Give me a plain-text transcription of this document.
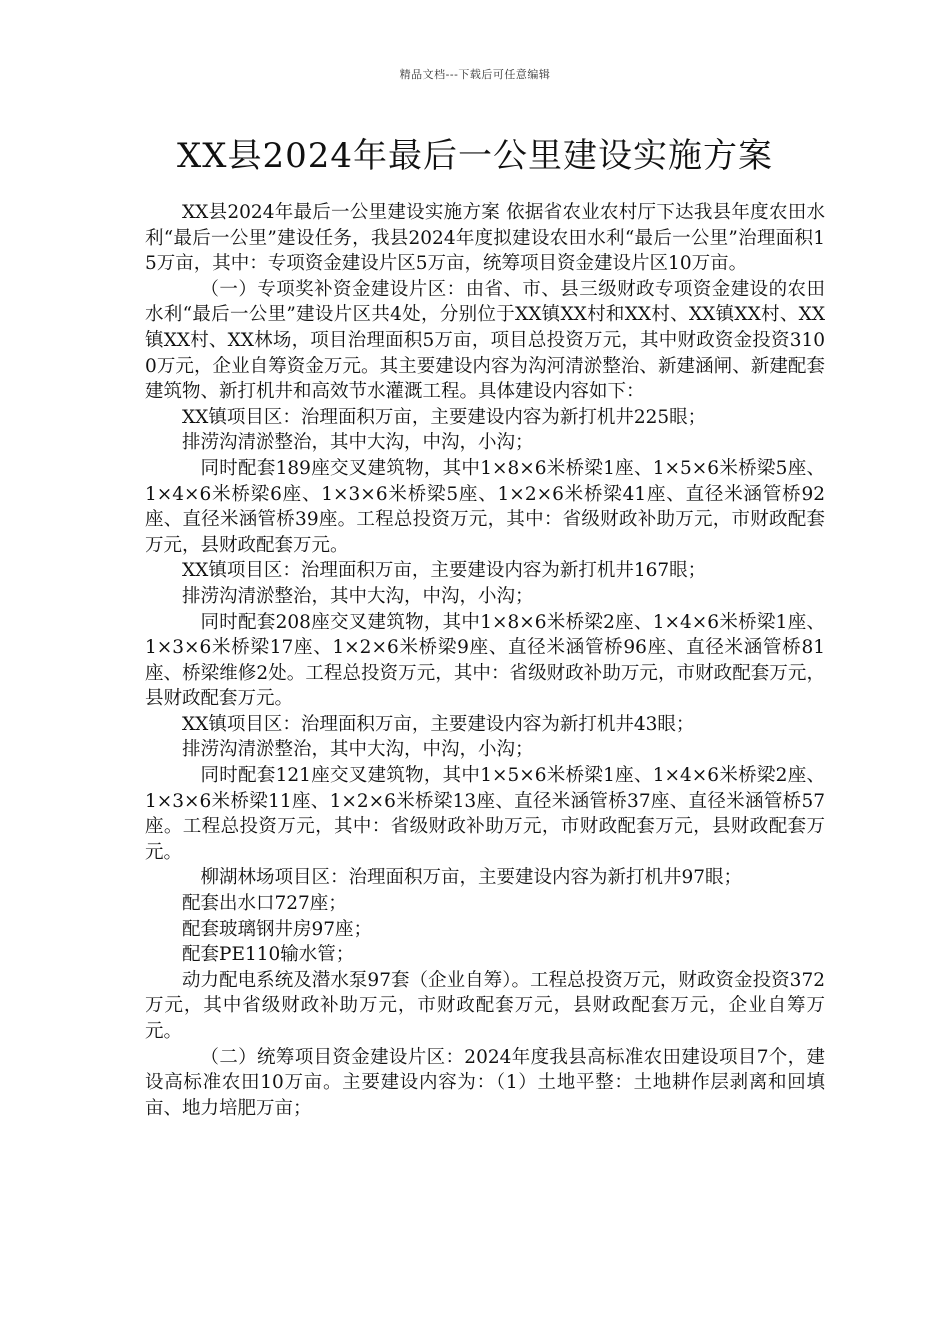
精品文档---下载后可任意编辑
XX县2024年最后一公里建设实施方案

XX县2024年最后一公里建设实施方案 依据省农业农村厅下达我县年度农田水利“最后一公里”建设任务，我县2024年度拟建设农田水利“最后一公里”治理面积15万亩，其中：专项资金建设片区5万亩，统筹项目资金建设片区10万亩。

（一）专项奖补资金建设片区：由省、市、县三级财政专项资金建设的农田水利“最后一公里”建设片区共4处，分别位于XX镇XX村和XX村、XX镇XX村、XX镇XX村、XX林场，项目治理面积5万亩，项目总投资万元，其中财政资金投资3100万元，企业自筹资金万元。其主要建设内容为沟河清淤整治、新建涵闸、新建配套建筑物、新打机井和高效节水灌溉工程。具体建设内容如下：

XX镇项目区：治理面积万亩，主要建设内容为新打机井225眼；

排涝沟清淤整治，其中大沟，中沟，小沟；

同时配套189座交叉建筑物，其中1×8×6米桥梁1座、1×5×6米桥梁5座、1×4×6米桥梁6座、1×3×6米桥梁5座、1×2×6米桥梁41座、直径米涵管桥92座、直径米涵管桥39座。工程总投资万元，其中：省级财政补助万元，市财政配套万元，县财政配套万元。

XX镇项目区：治理面积万亩，主要建设内容为新打机井167眼；

排涝沟清淤整治，其中大沟，中沟，小沟；

同时配套208座交叉建筑物，其中1×8×6米桥梁2座、1×4×6米桥梁1座、1×3×6米桥梁17座、1×2×6米桥梁9座、直径米涵管桥96座、直径米涵管桥81座、桥梁维修2处。工程总投资万元，其中：省级财政补助万元，市财政配套万元，县财政配套万元。

XX镇项目区：治理面积万亩，主要建设内容为新打机井43眼；

排涝沟清淤整治，其中大沟，中沟，小沟；

同时配套121座交叉建筑物，其中1×5×6米桥梁1座、1×4×6米桥梁2座、1×3×6米桥梁11座、1×2×6米桥梁13座、直径米涵管桥37座、直径米涵管桥57座。工程总投资万元，其中：省级财政补助万元，市财政配套万元，县财政配套万元。

柳湖林场项目区：治理面积万亩，主要建设内容为新打机井97眼；

配套出水口727座；

配套玻璃钢井房97座；

配套PE110输水管；

动力配电系统及潜水泵97套（企业自筹）。工程总投资万元，财政资金投资372万元，其中省级财政补助万元，市财政配套万元，县财政配套万元，企业自筹万元。

（二）统筹项目资金建设片区：2024年度我县高标准农田建设项目7个，建设高标准农田10万亩。主要建设内容为：（1）土地平整：土地耕作层剥离和回填亩、地力培肥万亩；
